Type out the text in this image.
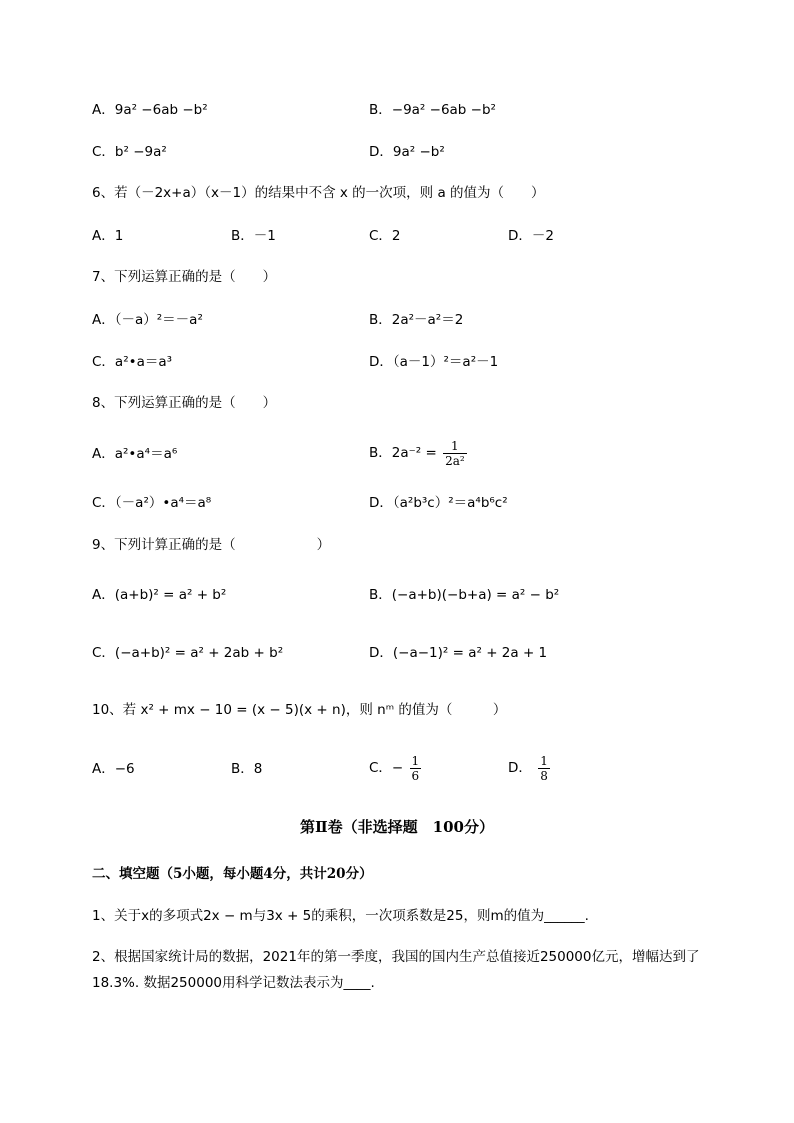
A．9a² −6ab −b²	B．−9a² −6ab −b²
C．b² −9a²	D．9a² −b²
6、若（－2x+a）（x－1）的结果中不含 x 的一次项，则 a 的值为（　　）
A．1	B．－1	C．2	D．－2
7、下列运算正确的是（　　）
A．（－a）²＝－a²	B．2a²－a²＝2
C．a²•a＝a³	D．（a－1）²＝a²－1
8、下列运算正确的是（　　）
A．a²•a⁴＝a⁶	B．$2a^{-2} = \frac{1}{\text{2a²}}$
C．（－a²）•a⁴＝a⁸	D．（a²b³c）²＝a⁴b⁶c²
9、下列计算正确的是（　　　　　　）
A．(a+b)² = a² + b²	B．(−a+b)(−b+a) = a² − b²
C．(−a+b)² = a² + 2ab + b²	D．(−a−1)² = a² + 2a + 1
10、若 x² + mx − 10 = (x − 5)(x + n)，则 nᵐ 的值为（　　　）
A．−6	B．8	C．− $\frac{1}{6}$	D． $\frac{1}{8}$
第Ⅱ卷（非选择题　100分）
二、填空题（5小题，每小题4分，共计20分）
1、关于x的多项式2x − m与3x + 5的乘积，一次项系数是25，则m的值为______.
2、根据国家统计局的数据，2021年的第一季度，我国的国内生产总值接近250000亿元，增幅达到了18.3%. 数据250000用科学记数法表示为____.
